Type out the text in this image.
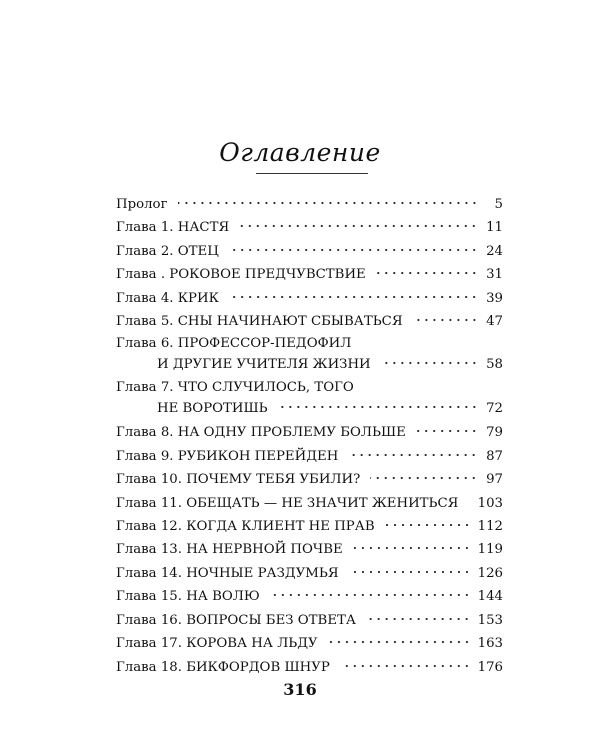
Оглавление
Пролог	5
Глава 1. НАСТЯ	11
Глава 2. ОТЕЦ	24
Глава . РОКОВОЕ ПРЕДЧУВСТВИЕ	31
Глава 4. КРИК	39
Глава 5. СНЫ НАЧИНАЮТ СБЫВАТЬСЯ	47
Глава 6. ПРОФЕССОР-ПЕДОФИЛ
И ДРУГИЕ УЧИТЕЛЯ ЖИЗНИ	58
Глава 7. ЧТО СЛУЧИЛОСЬ, ТОГО
НЕ ВОРОТИШЬ	72
Глава 8. НА ОДНУ ПРОБЛЕМУ БОЛЬШЕ	79
Глава 9. РУБИКОН ПЕРЕЙДЕН	87
Глава 10. ПОЧЕМУ ТЕБЯ УБИЛИ?	97
Глава 11. ОБЕЩАТЬ — НЕ ЗНАЧИТ ЖЕНИТЬСЯ 103
Глава 12. КОГДА КЛИЕНТ НЕ ПРАВ	112
Глава 13. НА НЕРВНОЙ ПОЧВЕ	119
Глава 14. НОЧНЫЕ РАЗДУМЬЯ	126
Глава 15. НА ВОЛЮ	144
Глава 16. ВОПРОСЫ БЕЗ ОТВЕТА	153
Глава 17. КОРОВА НА ЛЬДУ	163
Глава 18. БИКФОРДОВ ШНУР	176
316
